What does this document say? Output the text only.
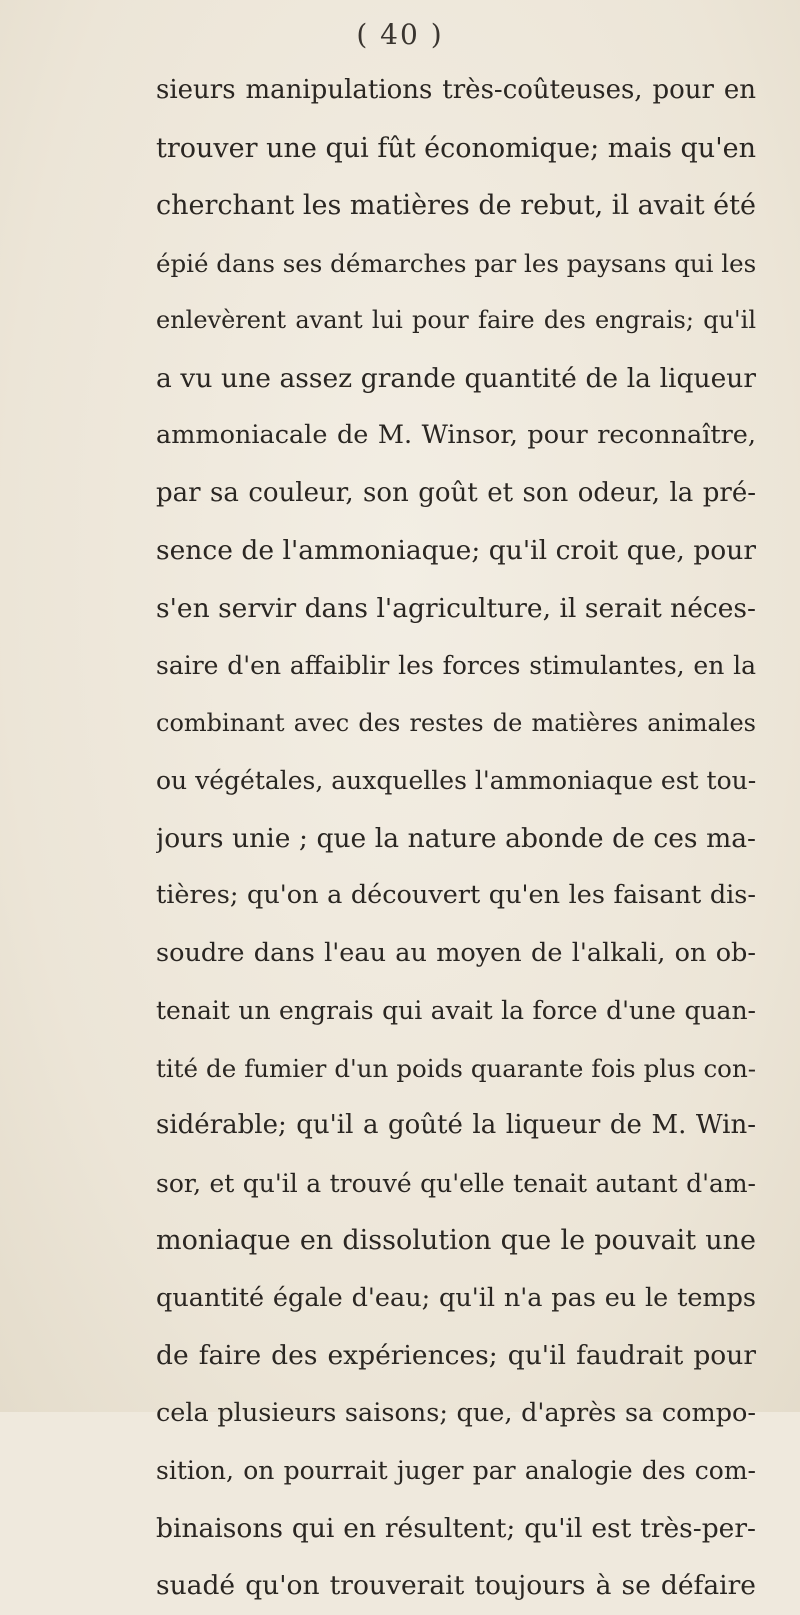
( 40 )
sieurs manipulations très-coûteuses, pour en
trouver une qui fût économique; mais qu'en
cherchant les matières de rebut, il avait été
épié dans ses démarches par les paysans qui les
enlevèrent avant lui pour faire des engrais; qu'il
a vu une assez grande quantité de la liqueur
ammoniacale de M. Winsor, pour reconnaître,
par sa couleur, son goût et son odeur, la pré-
sence de l'ammoniaque; qu'il croit que, pour
s'en servir dans l'agriculture, il serait néces-
saire d'en affaiblir les forces stimulantes, en la
combinant avec des restes de matières animales
ou végétales, auxquelles l'ammoniaque est tou-
jours unie ; que la nature abonde de ces ma-
tières; qu'on a découvert qu'en les faisant dis-
soudre dans l'eau au moyen de l'alkali, on ob-
tenait un engrais qui avait la force d'une quan-
tité de fumier d'un poids quarante fois plus con-
sidérable; qu'il a goûté la liqueur de M. Win-
sor, et qu'il a trouvé qu'elle tenait autant d'am-
moniaque en dissolution que le pouvait une
quantité égale d'eau; qu'il n'a pas eu le temps
de faire des expériences; qu'il faudrait pour
cela plusieurs saisons; que, d'après sa compo-
sition, on pourrait juger par analogie des com-
binaisons qui en résultent; qu'il est très-per-
suadé qu'on trouverait toujours à se défaire
